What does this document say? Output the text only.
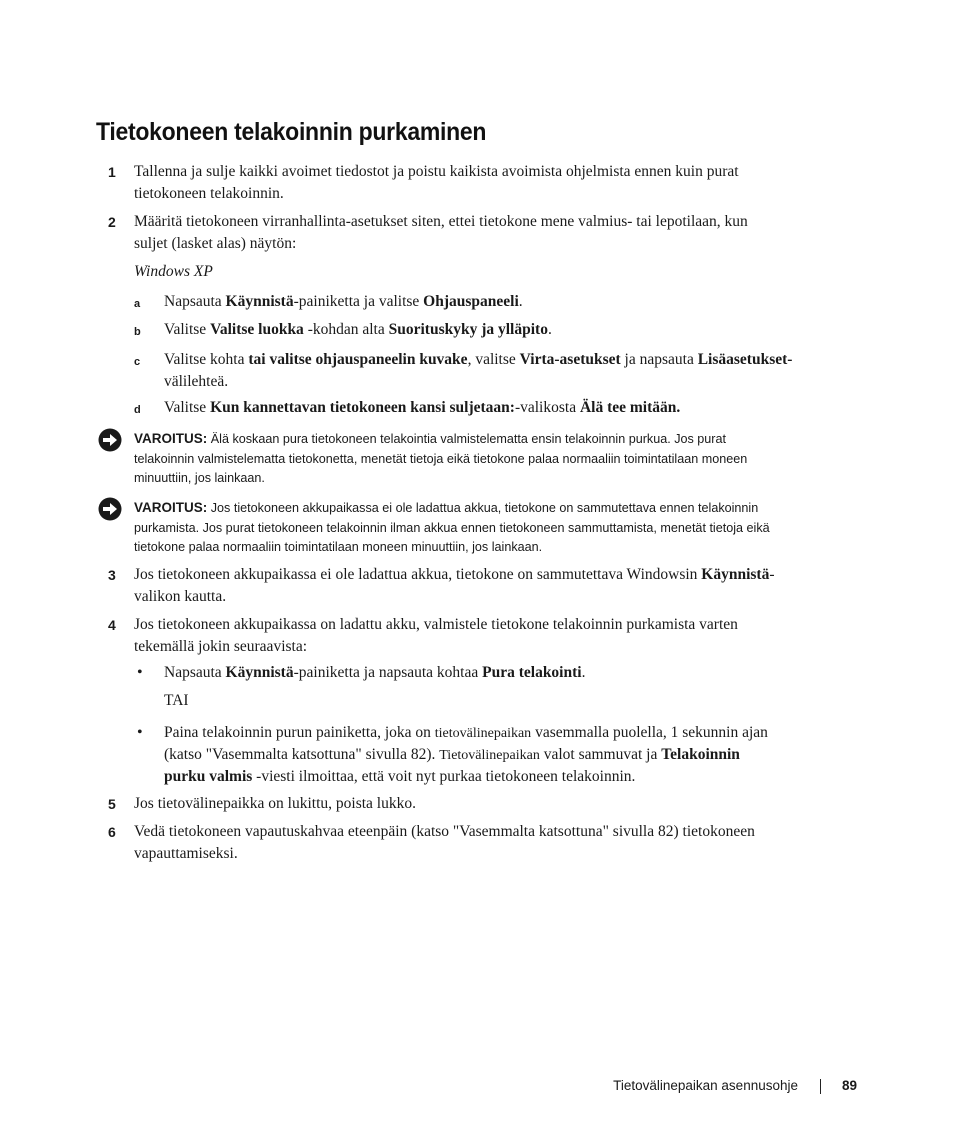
Tietokoneen telakoinnin purkaminen
1 Tallenna ja sulje kaikki avoimet tiedostot ja poistu kaikista avoimista ohjelmista ennen kuin purat
tietokoneen telakoinnin.
2 Määritä tietokoneen virranhallinta-asetukset siten, ettei tietokone mene valmius- tai lepotilaan, kun
suljet (lasket alas) näytön:
Windows XP
a Napsauta Käynnistä-painiketta ja valitse Ohjauspaneeli.
b Valitse Valitse luokka -kohdan alta Suorituskyky ja ylläpito.
c Valitse kohta tai valitse ohjauspaneelin kuvake, valitse Virta-asetukset ja napsauta Lisäasetukset-
välilehteä.
d Valitse Kun kannettavan tietokoneen kansi suljetaan:-valikosta Älä tee mitään.
VAROITUS: Älä koskaan pura tietokoneen telakointia valmistelematta ensin telakoinnin purkua. Jos purat
telakoinnin valmistelematta tietokonetta, menetät tietoja eikä tietokone palaa normaaliin toimintatilaan moneen
minuuttiin, jos lainkaan.
VAROITUS: Jos tietokoneen akkupaikassa ei ole ladattua akkua, tietokone on sammutettava ennen telakoinnin
purkamista. Jos purat tietokoneen telakoinnin ilman akkua ennen tietokoneen sammuttamista, menetät tietoja eikä
tietokone palaa normaaliin toimintatilaan moneen minuuttiin, jos lainkaan.
3 Jos tietokoneen akkupaikassa ei ole ladattua akkua, tietokone on sammutettava Windowsin Käynnistä-
valikon kautta.
4 Jos tietokoneen akkupaikassa on ladattu akku, valmistele tietokone telakoinnin purkamista varten
tekemällä jokin seuraavista:
• Napsauta Käynnistä-painiketta ja napsauta kohtaa Pura telakointi.
TAI
• Paina telakoinnin purun painiketta, joka on tietovälinepaikan vasemmalla puolella, 1 sekunnin ajan
(katso "Vasemmalta katsottuna" sivulla 82). Tietovälinepaikan valot sammuvat ja Telakoinnin
purku valmis -viesti ilmoittaa, että voit nyt purkaa tietokoneen telakoinnin.
5 Jos tietovälinepaikka on lukittu, poista lukko.
6 Vedä tietokoneen vapautuskahvaa eteenpäin (katso "Vasemmalta katsottuna" sivulla 82) tietokoneen
vapauttamiseksi.
Tietovälinepaikan asennusohje	89
